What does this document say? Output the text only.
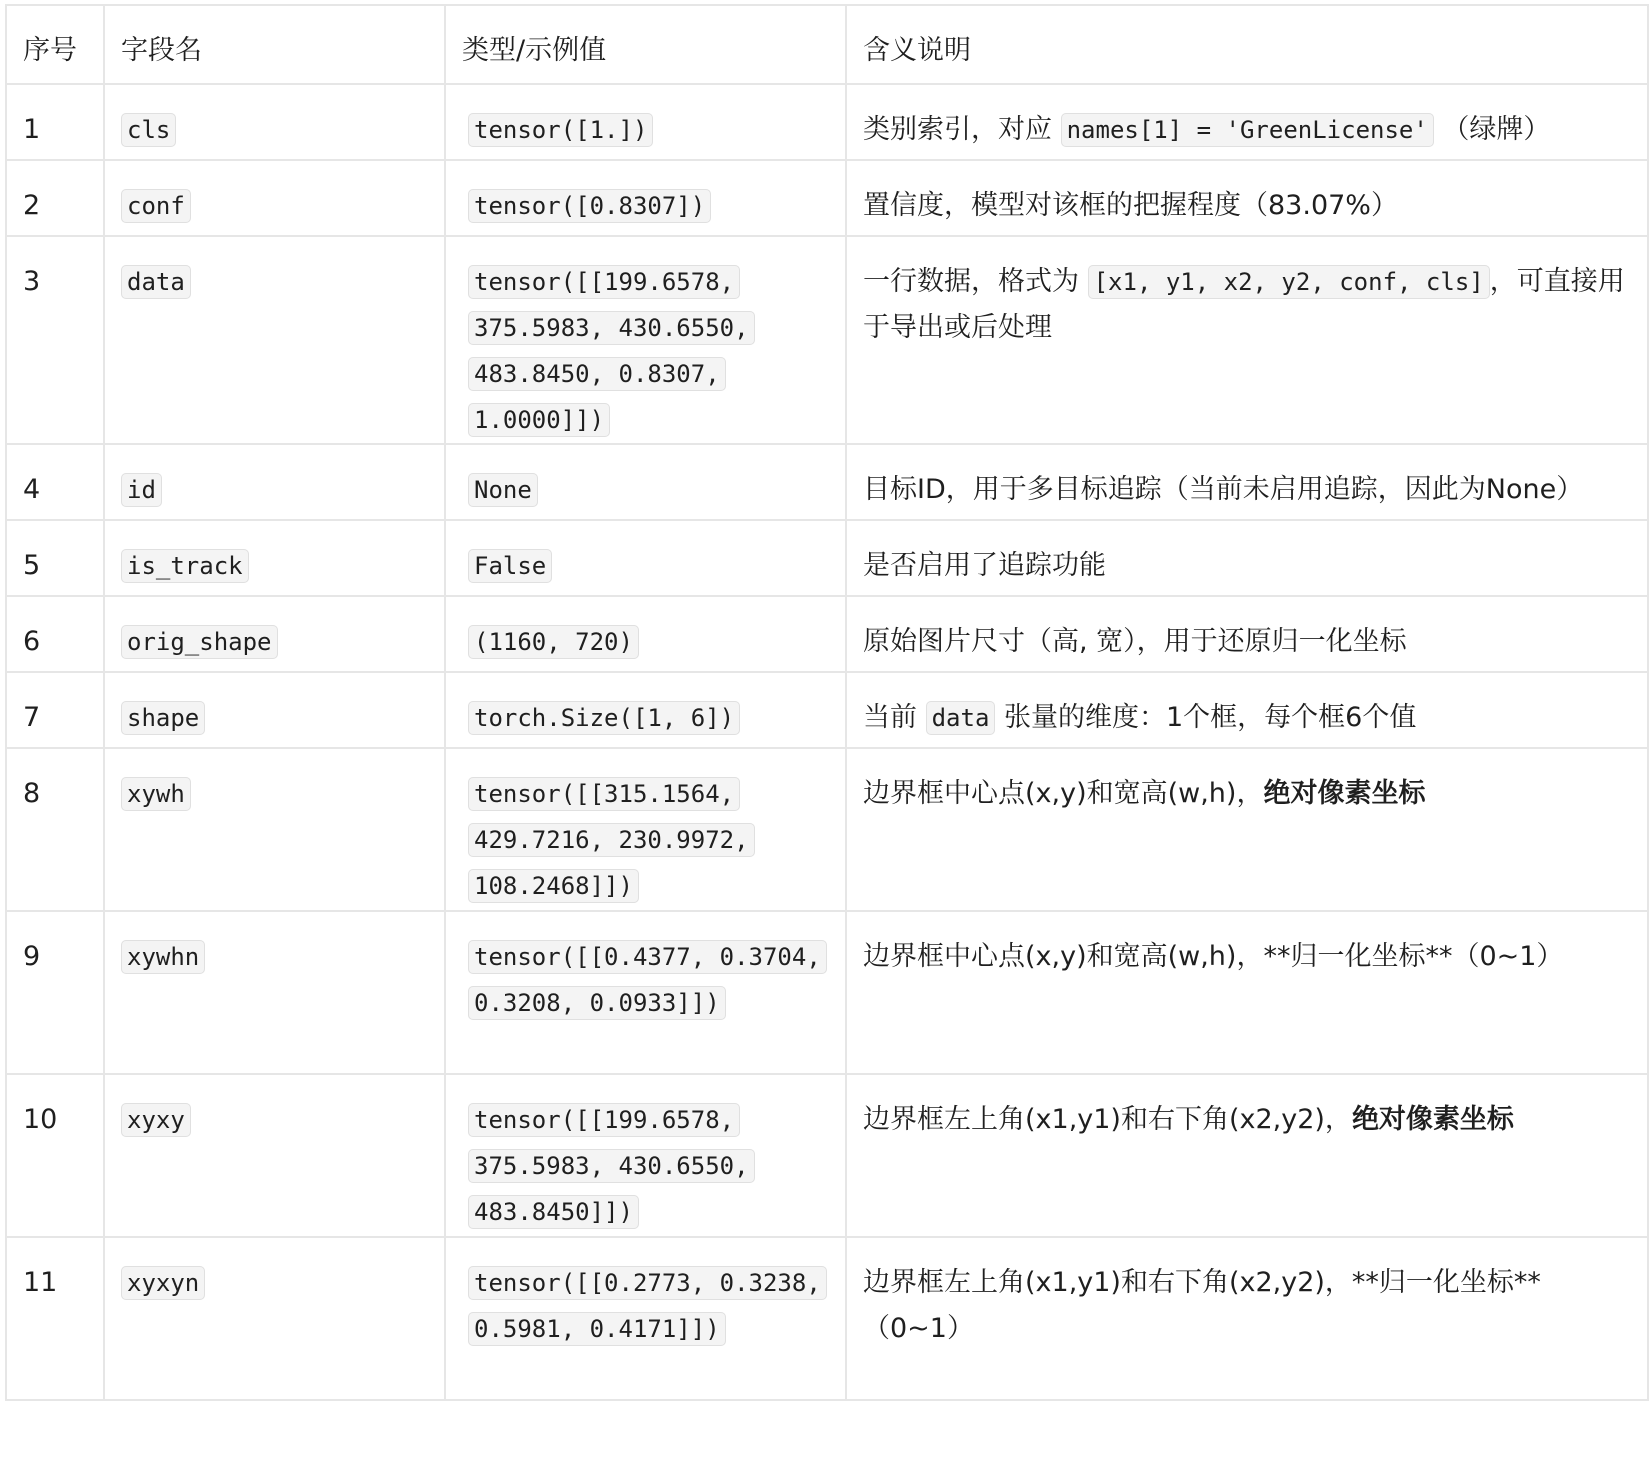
序号	字段名	类型/示例值	含义说明
1	cls	tensor([1.])	类别索引，对应 names[1] = 'GreenLicense' （绿牌）
2	conf	tensor([0.8307])	置信度，模型对该框的把握程度（83.07%）
3	data	tensor([[199.6578, 375.5983, 430.6550, 483.8450, 0.8307, 1.0000]])	一行数据，格式为 [x1, y1, x2, y2, conf, cls] ，可直接用于导出或后处理
4	id	None	目标ID，用于多目标追踪（当前未启用追踪，因此为None）
5	is_track	False	是否启用了追踪功能
6	orig_shape	(1160, 720)	原始图片尺寸（高, 宽），用于还原归一化坐标
7	shape	torch.Size([1, 6])	当前 data 张量的维度：1个框，每个框6个值
8	xywh	tensor([[315.1564, 429.7216, 230.9972, 108.2468]])	边界框中心点(x,y)和宽高(w,h)，绝对像素坐标
9	xywhn	tensor([[0.4377, 0.3704, 0.3208, 0.0933]])	边界框中心点(x,y)和宽高(w,h)，**归一化坐标**（0~1）
10	xyxy	tensor([[199.6578, 375.5983, 430.6550, 483.8450]])	边界框左上角(x1,y1)和右下角(x2,y2)，绝对像素坐标
11	xyxyn	tensor([[0.2773, 0.3238, 0.5981, 0.4171]])	边界框左上角(x1,y1)和右下角(x2,y2)，**归一化坐标**（0~1）
